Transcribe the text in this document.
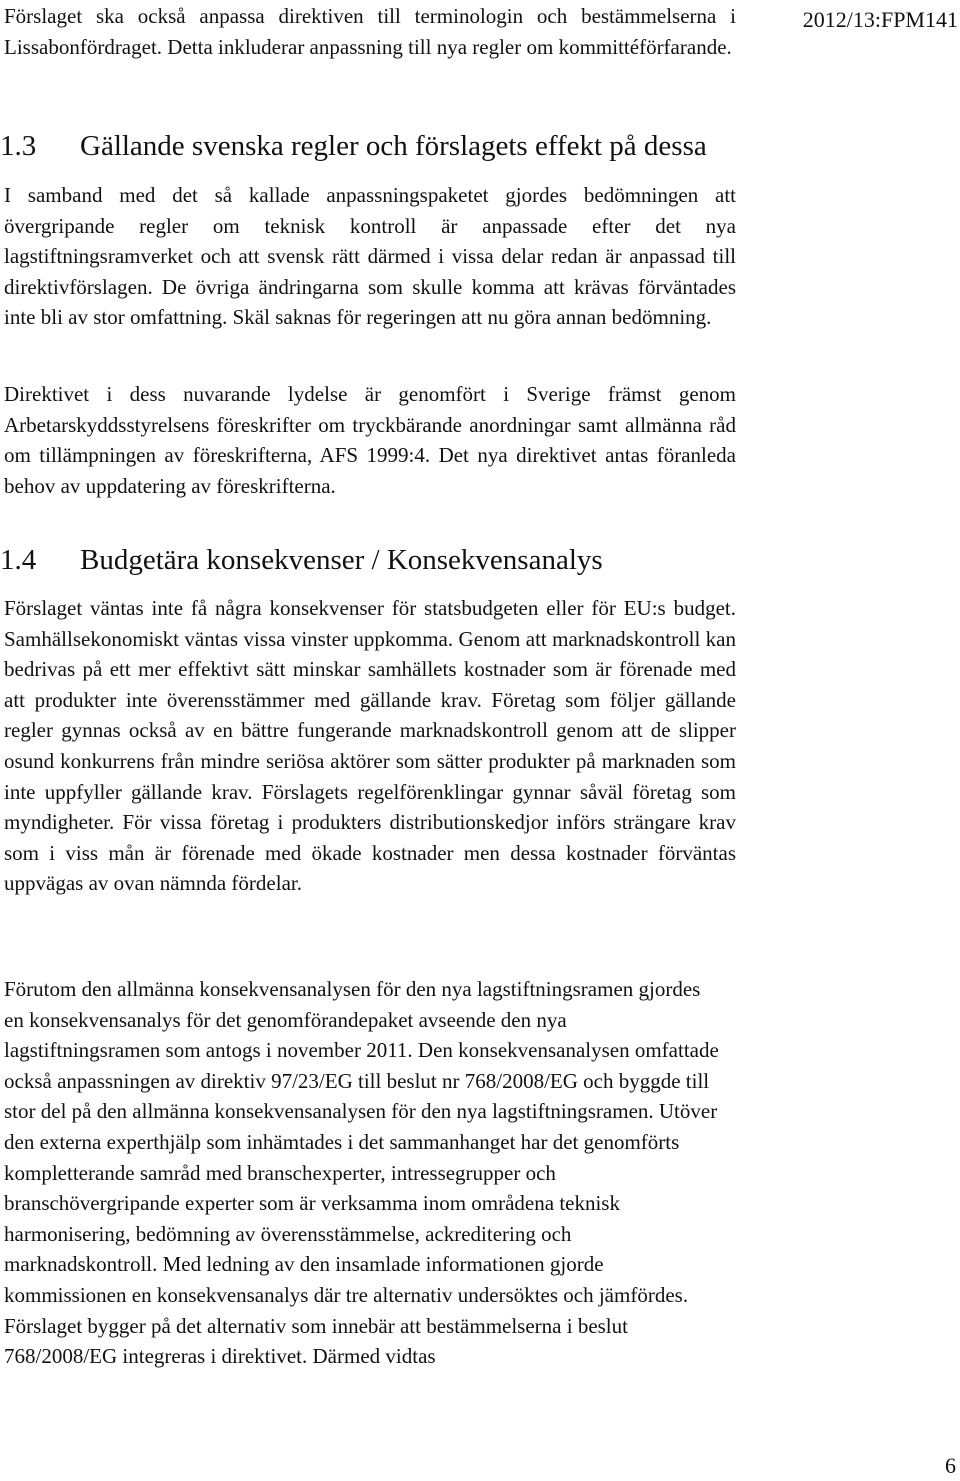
2012/13:FPM141

Förslaget ska också anpassa direktiven till terminologin och bestämmelserna i Lissabonfördraget. Detta inkluderar anpassning till nya regler om kommittéförfarande.

1.3 Gällande svenska regler och förslagets effekt på dessa

I samband med det så kallade anpassningspaketet gjordes bedömningen att övergripande regler om teknisk kontroll är anpassade efter det nya lagstiftningsramverket och att svensk rätt därmed i vissa delar redan är anpassad till direktivförslagen. De övriga ändringarna som skulle komma att krävas förväntades inte bli av stor omfattning. Skäl saknas för regeringen att nu göra annan bedömning.

Direktivet i dess nuvarande lydelse är genomfört i Sverige främst genom Arbetarskyddsstyrelsens föreskrifter om tryckbärande anordningar samt allmänna råd om tillämpningen av föreskrifterna, AFS 1999:4. Det nya direktivet antas föranleda behov av uppdatering av föreskrifterna.

1.4 Budgetära konsekvenser / Konsekvensanalys

Förslaget väntas inte få några konsekvenser för statsbudgeten eller för EU:s budget. Samhällsekonomiskt väntas vissa vinster uppkomma. Genom att marknadskontroll kan bedrivas på ett mer effektivt sätt minskar samhällets kostnader som är förenade med att produkter inte överensstämmer med gällande krav. Företag som följer gällande regler gynnas också av en bättre fungerande marknadskontroll genom att de slipper osund konkurrens från mindre seriösa aktörer som sätter produkter på marknaden som inte uppfyller gällande krav. Förslagets regelförenklingar gynnar såväl företag som myndigheter. För vissa företag i produkters distributionskedjor införs strängare krav som i viss mån är förenade med ökade kostnader men dessa kostnader förväntas uppvägas av ovan nämnda fördelar.

Förutom den allmänna konsekvensanalysen för den nya lagstiftningsramen gjordes en konsekvensanalys för det genomförandepaket avseende den nya lagstiftningsramen som antogs i november 2011. Den konsekvensanalysen omfattade också anpassningen av direktiv 97/23/EG till beslut nr 768/2008/EG och byggde till stor del på den allmänna konsekvensanalysen för den nya lagstiftningsramen. Utöver den externa experthjälp som inhämtades i det sammanhanget har det genomförts kompletterande samråd med branschexperter, intressegrupper och branschövergripande experter som är verksamma inom områdena teknisk harmonisering, bedömning av överensstämmelse, ackreditering och marknadskontroll. Med ledning av den insamlade informationen gjorde kommissionen en konsekvensanalys där tre alternativ undersöktes och jämfördes. Förslaget bygger på det alternativ som innebär att bestämmelserna i beslut 768/2008/EG integreras i direktivet. Därmed vidtas

6
